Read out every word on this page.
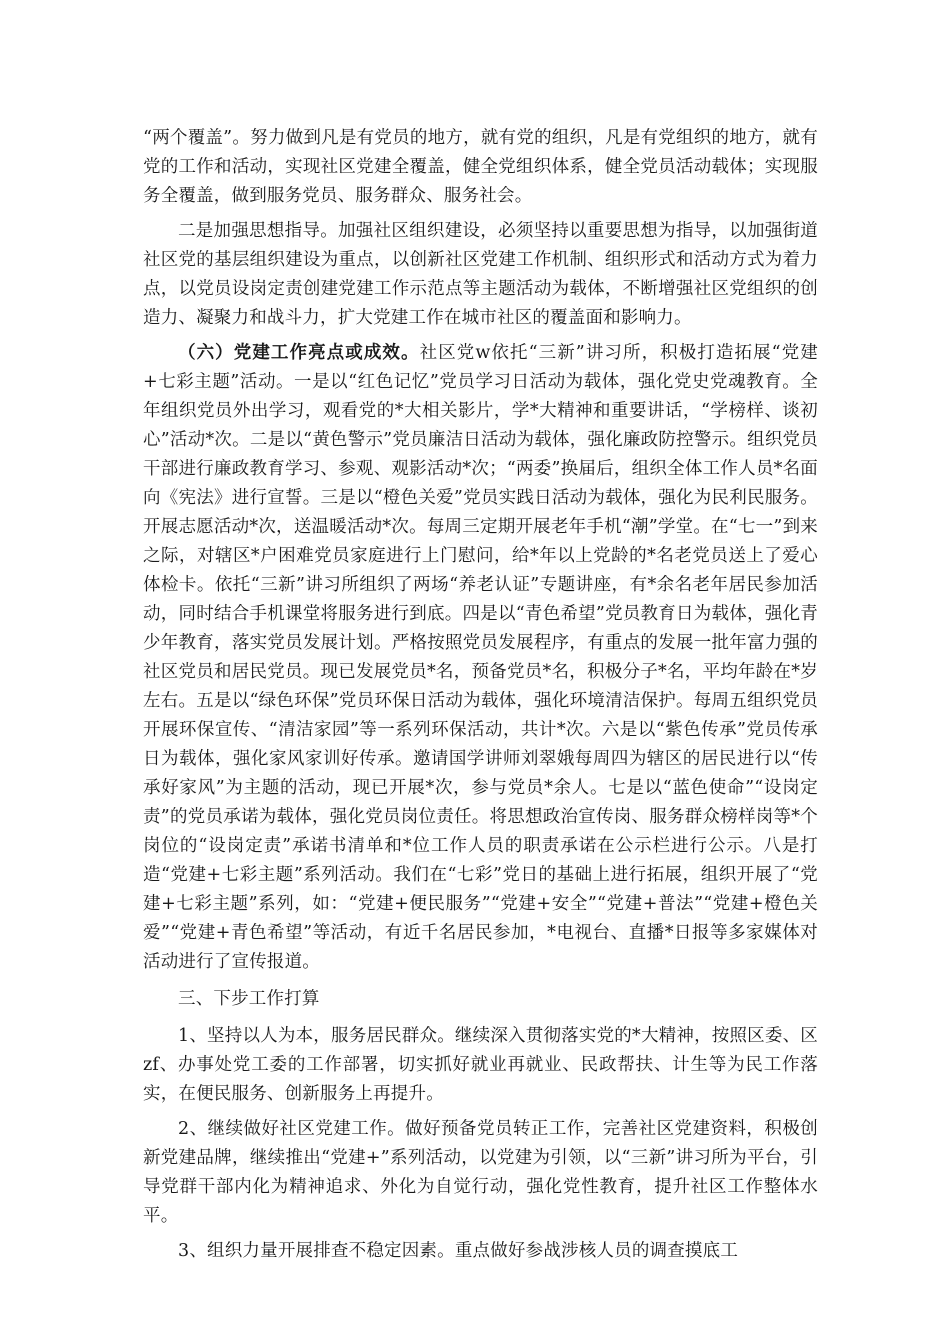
“两个覆盖”。努力做到凡是有党员的地方，就有党的组织，凡是有党组织的地方，就有党的工作和活动，实现社区党建全覆盖，健全党组织体系，健全党员活动载体；实现服务全覆盖，做到服务党员、服务群众、服务社会。

二是加强思想指导。加强社区组织建设，必须坚持以重要思想为指导，以加强街道社区党的基层组织建设为重点，以创新社区党建工作机制、组织形式和活动方式为着力点，以党员设岗定责创建党建工作示范点等主题活动为载体，不断增强社区党组织的创造力、凝聚力和战斗力，扩大党建工作在城市社区的覆盖面和影响力。

（六）党建工作亮点或成效。社区党w依托“三新”讲习所，积极打造拓展“党建+七彩主题”活动。一是以“红色记忆”党员学习日活动为载体，强化党史党魂教育。全年组织党员外出学习，观看党的*大相关影片，学*大精神和重要讲话，“学榜样、谈初心”活动*次。二是以“黄色警示”党员廉洁日活动为载体，强化廉政防控警示。组织党员干部进行廉政教育学习、参观、观影活动*次；“两委”换届后，组织全体工作人员*名面向《宪法》进行宣誓。三是以“橙色关爱”党员实践日活动为载体，强化为民利民服务。开展志愿活动*次，送温暖活动*次。每周三定期开展老年手机“潮”学堂。在“七一”到来之际，对辖区*户困难党员家庭进行上门慰问，给*年以上党龄的*名老党员送上了爱心体检卡。依托“三新”讲习所组织了两场“养老认证”专题讲座，有*余名老年居民参加活动，同时结合手机课堂将服务进行到底。四是以“青色希望”党员教育日为载体，强化青少年教育，落实党员发展计划。严格按照党员发展程序，有重点的发展一批年富力强的社区党员和居民党员。现已发展党员*名，预备党员*名，积极分子*名，平均年龄在*岁左右。五是以“绿色环保”党员环保日活动为载体，强化环境清洁保护。每周五组织党员开展环保宣传、“清洁家园”等一系列环保活动，共计*次。六是以“紫色传承”党员传承日为载体，强化家风家训好传承。邀请国学讲师刘翠娥每周四为辖区的居民进行以“传承好家风”为主题的活动，现已开展*次，参与党员*余人。七是以“蓝色使命”“设岗定责”的党员承诺为载体，强化党员岗位责任。将思想政治宣传岗、服务群众榜样岗等*个岗位的“设岗定责”承诺书清单和*位工作人员的职责承诺在公示栏进行公示。八是打造“党建+七彩主题”系列活动。我们在“七彩”党日的基础上进行拓展，组织开展了“党建+七彩主题”系列，如：“党建+便民服务”“党建+安全”“党建+普法”“党建+橙色关爱”“党建+青色希望”等活动，有近千名居民参加，*电视台、直播*日报等多家媒体对活动进行了宣传报道。

三、下步工作打算

1、坚持以人为本，服务居民群众。继续深入贯彻落实党的*大精神，按照区委、区zf、办事处党工委的工作部署，切实抓好就业再就业、民政帮扶、计生等为民工作落实，在便民服务、创新服务上再提升。

2、继续做好社区党建工作。做好预备党员转正工作，完善社区党建资料，积极创新党建品牌，继续推出“党建+”系列活动，以党建为引领，以“三新”讲习所为平台，引导党群干部内化为精神追求、外化为自觉行动，强化党性教育，提升社区工作整体水平。

3、组织力量开展排查不稳定因素。重点做好参战涉核人员的调查摸底工
